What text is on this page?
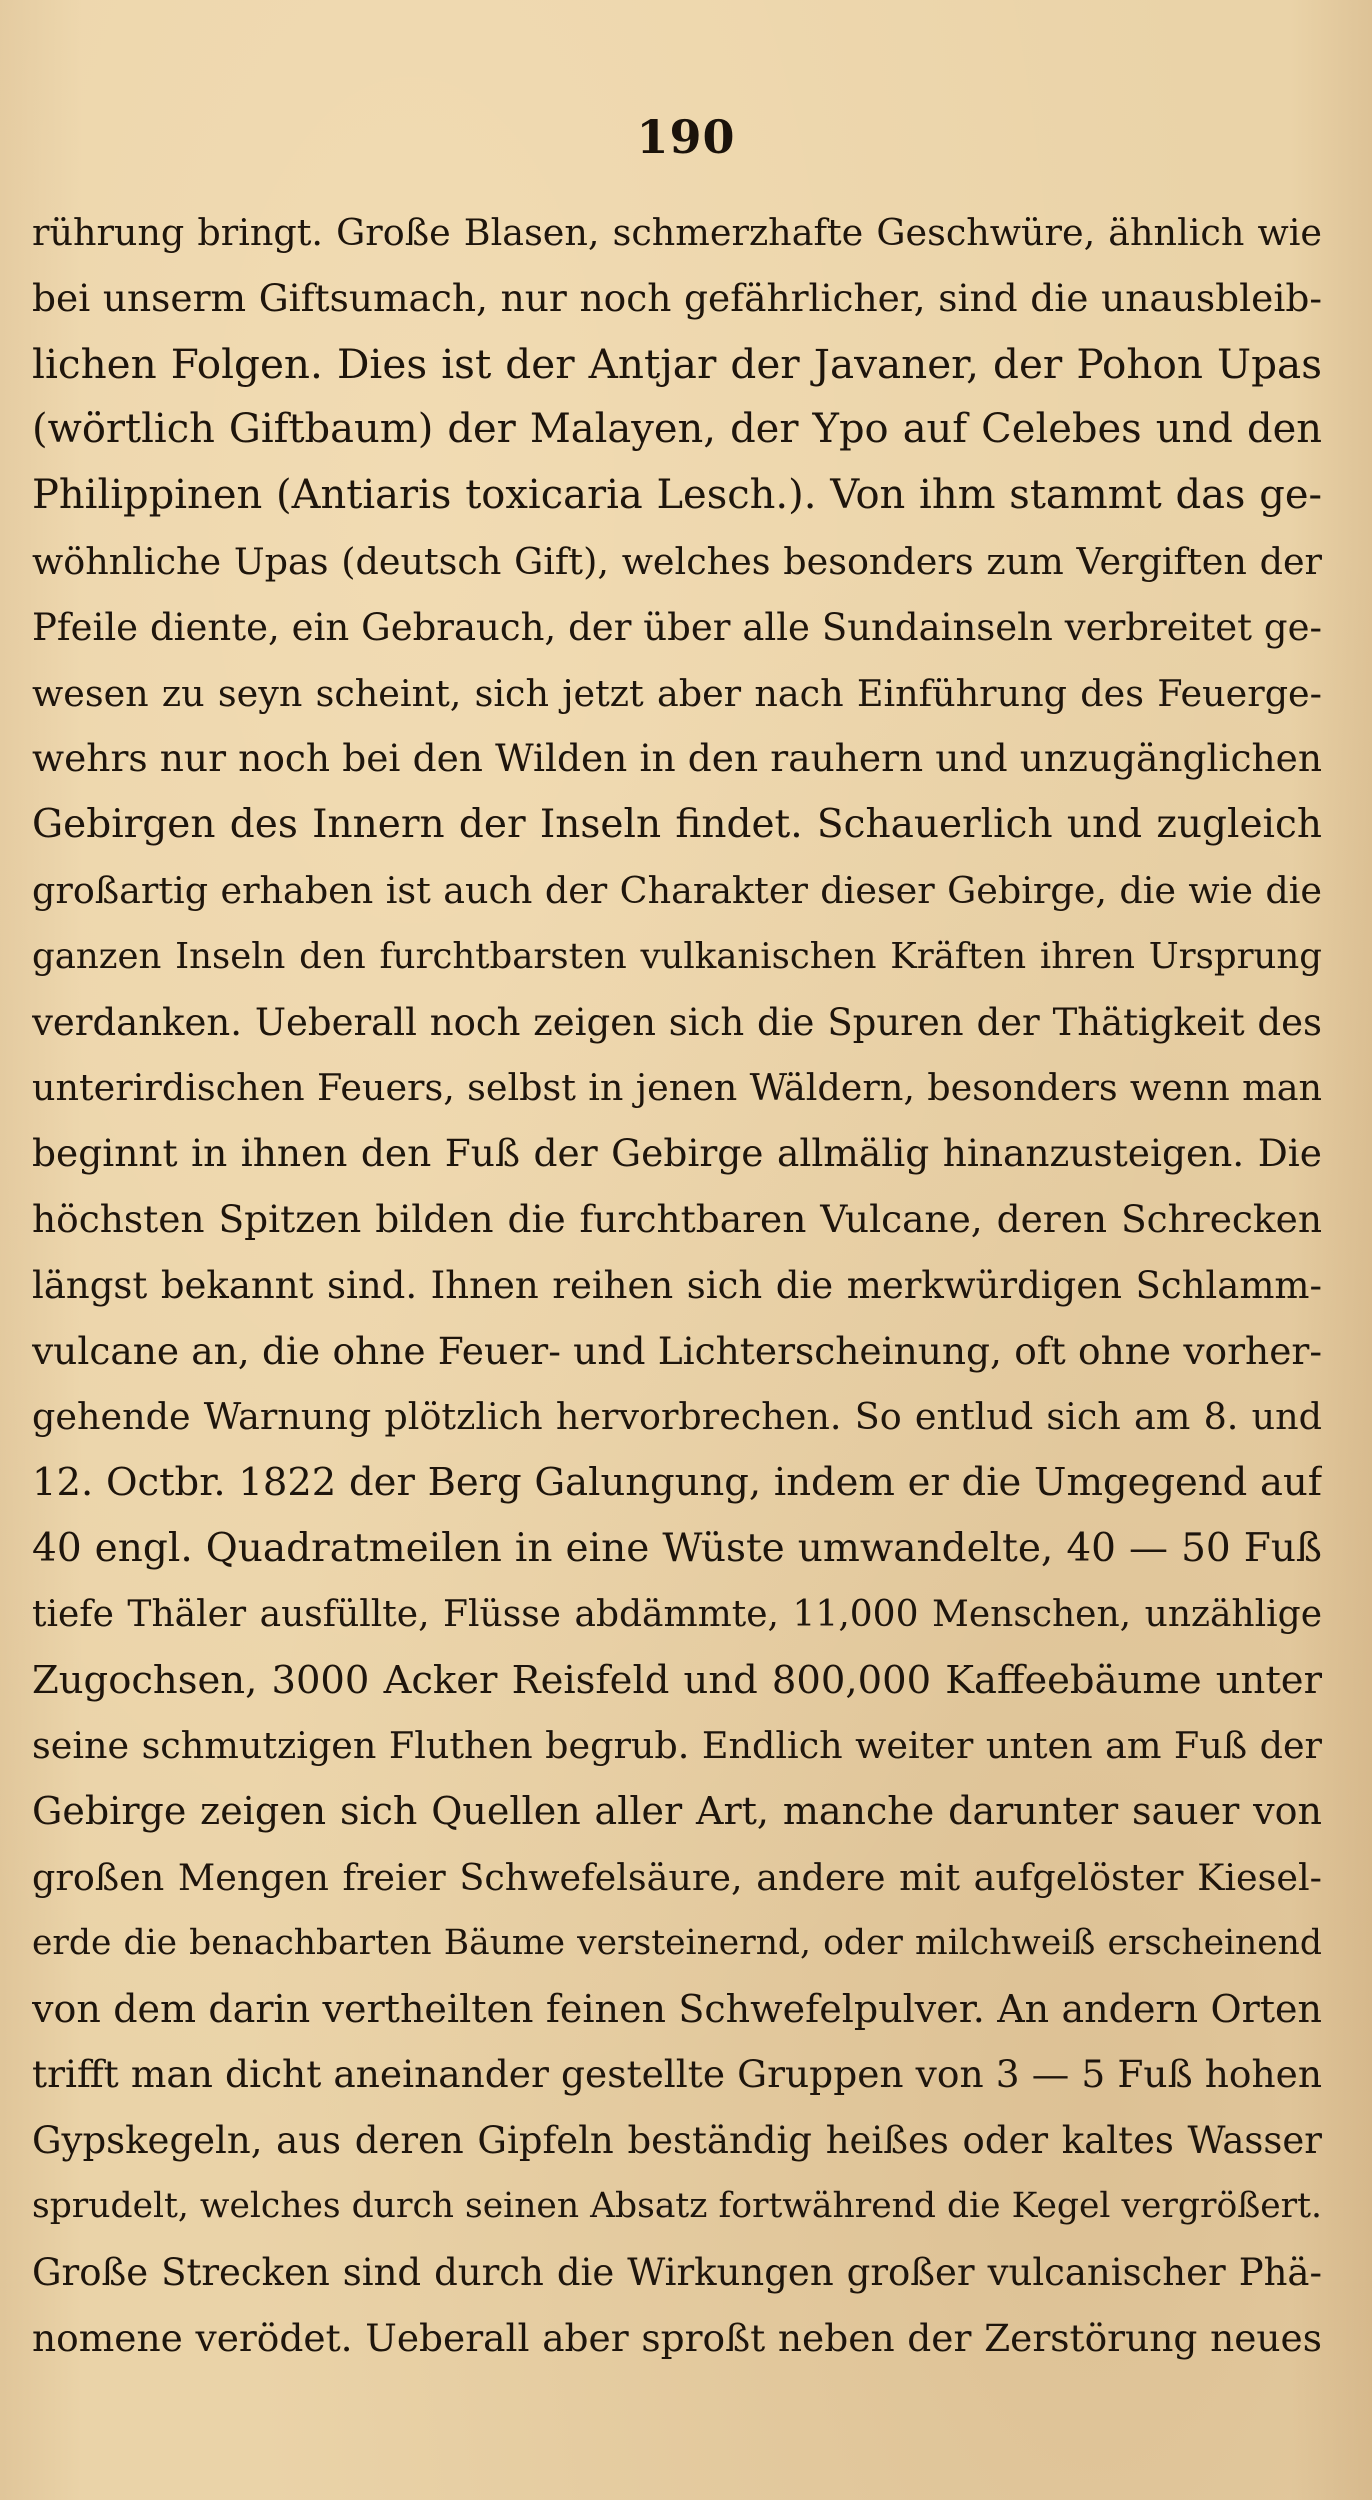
190
rührung bringt. Große Blasen, schmerzhafte Geschwüre, ähnlich wie
bei unserm Giftsumach, nur noch gefährlicher, sind die unausbleib-
lichen Folgen. Dies ist der Antjar der Javaner, der Pohon Upas
(wörtlich Giftbaum) der Malayen, der Ypo auf Celebes und den
Philippinen (Antiaris toxicaria Lesch.). Von ihm stammt das ge-
wöhnliche Upas (deutsch Gift), welches besonders zum Vergiften der
Pfeile diente, ein Gebrauch, der über alle Sundainseln verbreitet ge-
wesen zu seyn scheint, sich jetzt aber nach Einführung des Feuerge-
wehrs nur noch bei den Wilden in den rauhern und unzugänglichen
Gebirgen des Innern der Inseln findet. Schauerlich und zugleich
großartig erhaben ist auch der Charakter dieser Gebirge, die wie die
ganzen Inseln den furchtbarsten vulkanischen Kräften ihren Ursprung
verdanken. Ueberall noch zeigen sich die Spuren der Thätigkeit des
unterirdischen Feuers, selbst in jenen Wäldern, besonders wenn man
beginnt in ihnen den Fuß der Gebirge allmälig hinanzusteigen. Die
höchsten Spitzen bilden die furchtbaren Vulcane, deren Schrecken
längst bekannt sind. Ihnen reihen sich die merkwürdigen Schlamm-
vulcane an, die ohne Feuer- und Lichterscheinung, oft ohne vorher-
gehende Warnung plötzlich hervorbrechen. So entlud sich am 8. und
12. Octbr. 1822 der Berg Galungung, indem er die Umgegend auf
40 engl. Quadratmeilen in eine Wüste umwandelte, 40 — 50 Fuß
tiefe Thäler ausfüllte, Flüsse abdämmte, 11,000 Menschen, unzählige
Zugochsen, 3000 Acker Reisfeld und 800,000 Kaffeebäume unter
seine schmutzigen Fluthen begrub. Endlich weiter unten am Fuß der
Gebirge zeigen sich Quellen aller Art, manche darunter sauer von
großen Mengen freier Schwefelsäure, andere mit aufgelöster Kiesel-
erde die benachbarten Bäume versteinernd, oder milchweiß erscheinend
von dem darin vertheilten feinen Schwefelpulver. An andern Orten
trifft man dicht aneinander gestellte Gruppen von 3 — 5 Fuß hohen
Gypskegeln, aus deren Gipfeln beständig heißes oder kaltes Wasser
sprudelt, welches durch seinen Absatz fortwährend die Kegel vergrößert.
Große Strecken sind durch die Wirkungen großer vulcanischer Phä-
nomene verödet. Ueberall aber sproßt neben der Zerstörung neues
